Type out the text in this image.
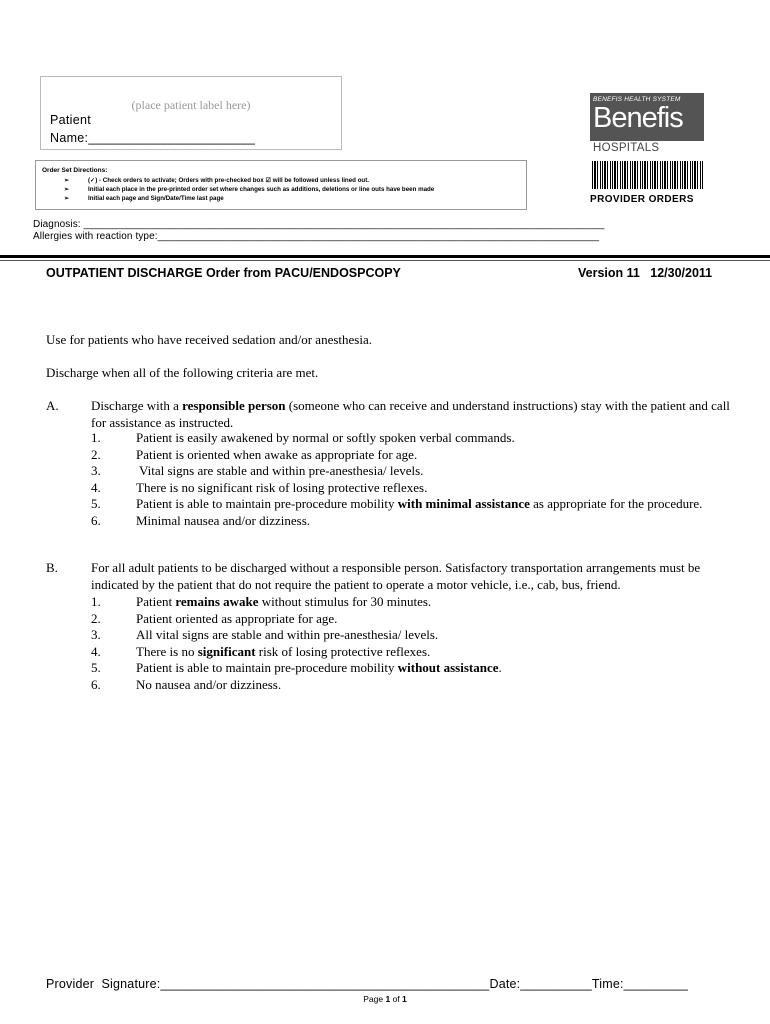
(place patient label here)
Patient
Name:_______________________
Order Set Directions:
➢	(✓) - Check orders to activate; Orders with pre-checked box ☑ will be followed unless lined out.
➢	Initial each place in the pre-printed order set where changes such as additions, deletions or line outs have been made
➢	Initial each page and Sign/Date/Time last page
BENEFIS HEALTH SYSTEM
Benefis
HOSPITALS
PROVIDER ORDERS
Diagnosis: ____________________________________________________________________________________________
Allergies with reaction type:______________________________________________________________________________
OUTPATIENT DISCHARGE Order from PACU/ENDOSPCOPY	Version 11   12/30/2011
Use for patients who have received sedation and/or anesthesia.
Discharge when all of the following criteria are met.
A. Discharge with a responsible person (someone who can receive and understand instructions) stay with the patient and call for assistance as instructed.
1.	Patient is easily awakened by normal or softly spoken verbal commands.
2.	Patient is oriented when awake as appropriate for age.
3.	Vital signs are stable and within pre-anesthesia/ levels.
4.	There is no significant risk of losing protective reflexes.
5.	Patient is able to maintain pre-procedure mobility with minimal assistance as appropriate for the procedure.
6.	Minimal nausea and/or dizziness.
B.	For all adult patients to be discharged without a responsible person. Satisfactory transportation arrangements must be indicated by the patient that do not require the patient to operate a motor vehicle, i.e., cab, bus, friend.
1.	Patient remains awake without stimulus for 30 minutes.
2.	Patient oriented as appropriate for age.
3.	All vital signs are stable and within pre-anesthesia/ levels.
4.	There is no significant risk of losing protective reflexes.
5.	Patient is able to maintain pre-procedure mobility without assistance.
6.	No nausea and/or dizziness.
Provider  Signature:______________________________________________Date:__________Time:_________
Page 1 of 1
